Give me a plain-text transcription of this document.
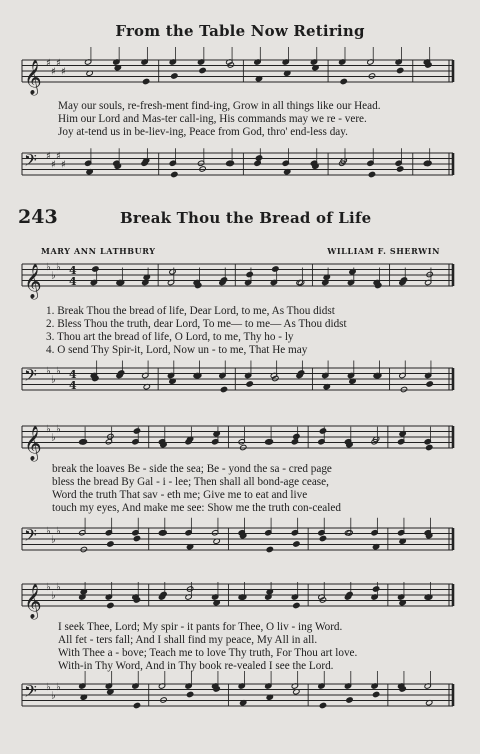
From the Table Now Retiring
𝄞 ♯
♯
♯
♯
May our souls, re-fresh-ment find-ing, Grow in all things like our Head.
Him our Lord and Mas-ter call-ing, His commands may we re - vere.
Joy at-tend us in be-liev-ing, Peace from God, thro' end-less day.
𝄢 ♯
♯
♯
♯
243	Break Thou the Bread of Life
MARY ANN LATHBURY	WILLIAM F. SHERWIN
𝄞 ♭
♭
♭ 4
4
1. Break Thou the bread of life, Dear Lord, to me, As Thou didst
2. Bless Thou the truth, dear Lord, To me— to me— As Thou didst
3. Thou art the bread of life, O Lord, to me, Thy ho - ly
4. O send Thy Spir-it, Lord, Now un - to me, That He may
𝄢 ♭
♭
♭ 4
4
𝄞 ♭
♭
♭
break the loaves Be - side the sea; Be - yond the sa - cred page
bless the bread By Gal - i - lee; Then shall all bond-age cease,
Word the truth That sav - eth me; Give me to eat and live
touch my eyes, And make me see: Show me the truth con-cealed
𝄢 ♭
♭
♭
𝄞 ♭
♭
♭
I seek Thee, Lord; My spir - it pants for Thee, O liv - ing Word.
All fet - ters fall; And I shall find my peace, My All in all.
With Thee a - bove; Teach me to love Thy truth, For Thou art love.
With-in Thy Word, And in Thy book re-vealed I see the Lord.
𝄢 ♭
♭
♭
